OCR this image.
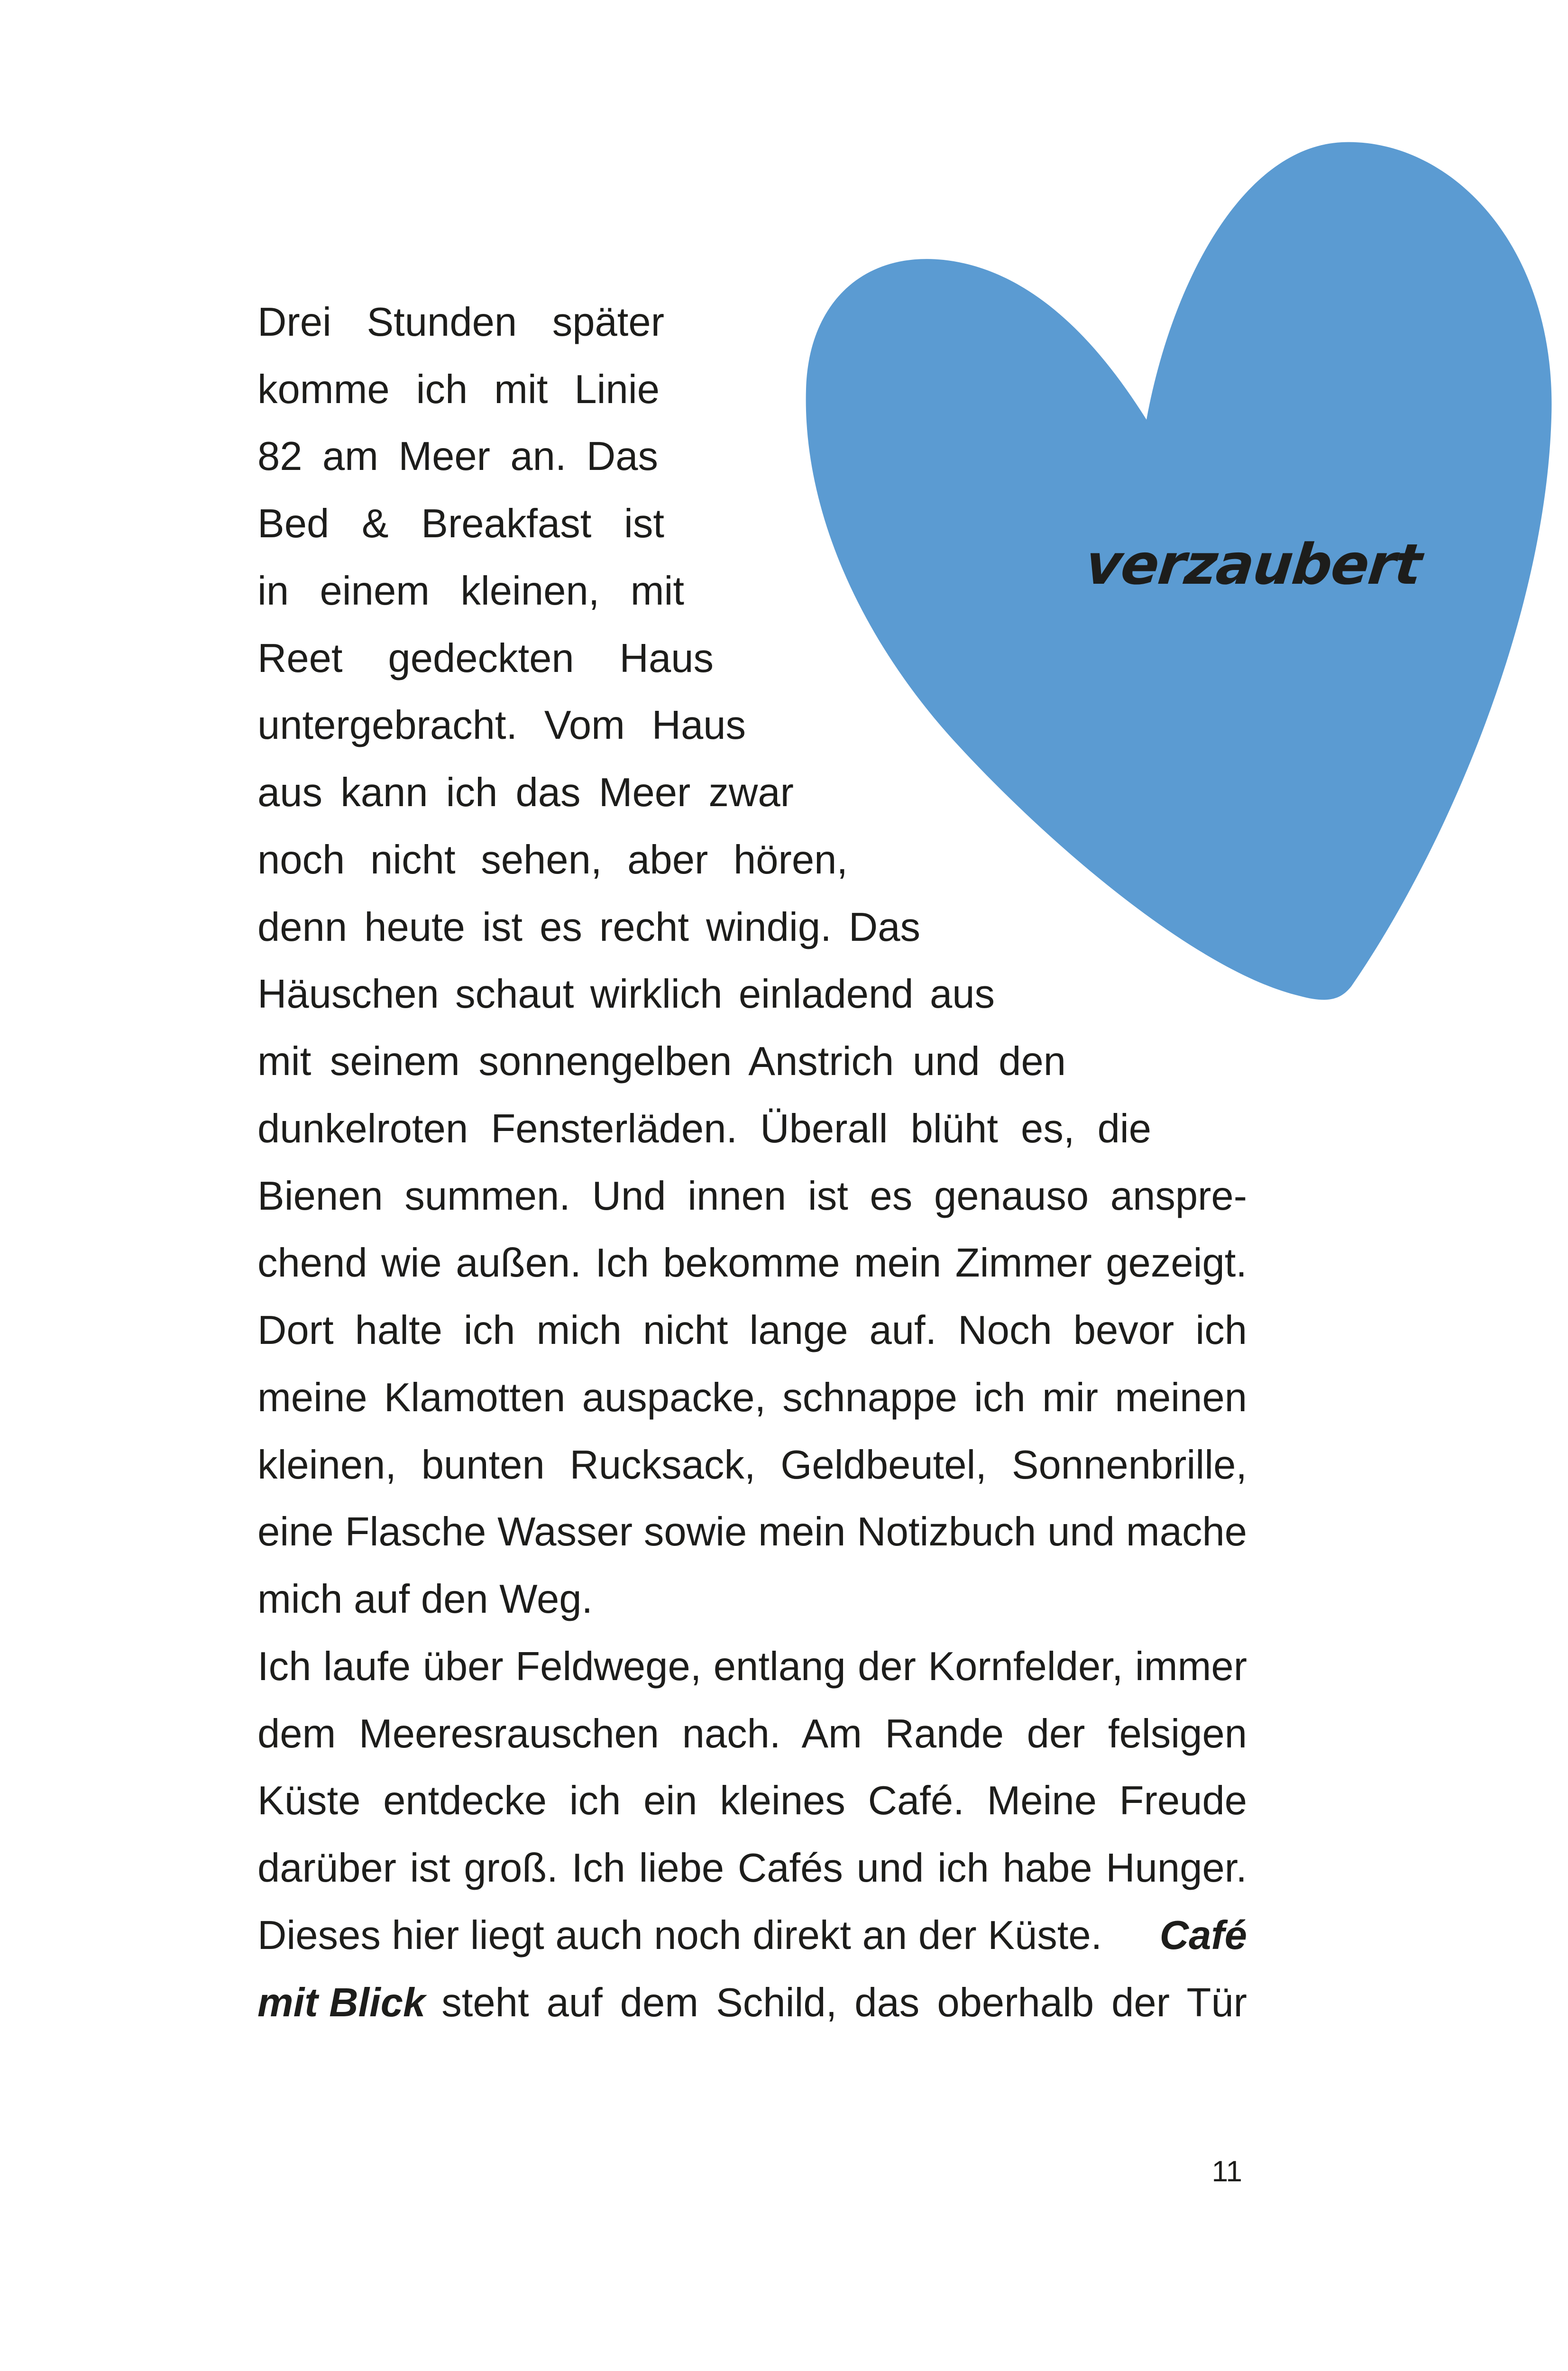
verzaubert
Drei Stunden später
komme ich mit Linie
82 am Meer an. Das
Bed & Breakfast ist
in einem kleinen, mit
Reet gedeckten Haus
untergebracht. Vom Haus
aus kann ich das Meer zwar
noch nicht sehen, aber hören,
denn heute ist es recht windig. Das
Häuschen schaut wirklich einladend aus
mit seinem sonnengelben Anstrich und den
dunkelroten Fensterläden. Überall blüht es, die
Bienen summen. Und innen ist es genauso anspre-
chend wie außen. Ich bekomme mein Zimmer gezeigt.
Dort halte ich mich nicht lange auf. Noch bevor ich
meine Klamotten auspacke, schnappe ich mir meinen
kleinen, bunten Rucksack, Geldbeutel, Sonnenbrille,
eine Flasche Wasser sowie mein Notizbuch und mache
mich auf den Weg.
Ich laufe über Feldwege, entlang der Kornfelder, immer
dem Meeresrauschen nach. Am Rande der felsigen
Küste entdecke ich ein kleines Café. Meine Freude
darüber ist groß. Ich liebe Cafés und ich habe Hunger.
Dieses hier liegt auch noch direkt an der Küste. Café
mit Blick steht auf dem Schild, das oberhalb der Tür
11
